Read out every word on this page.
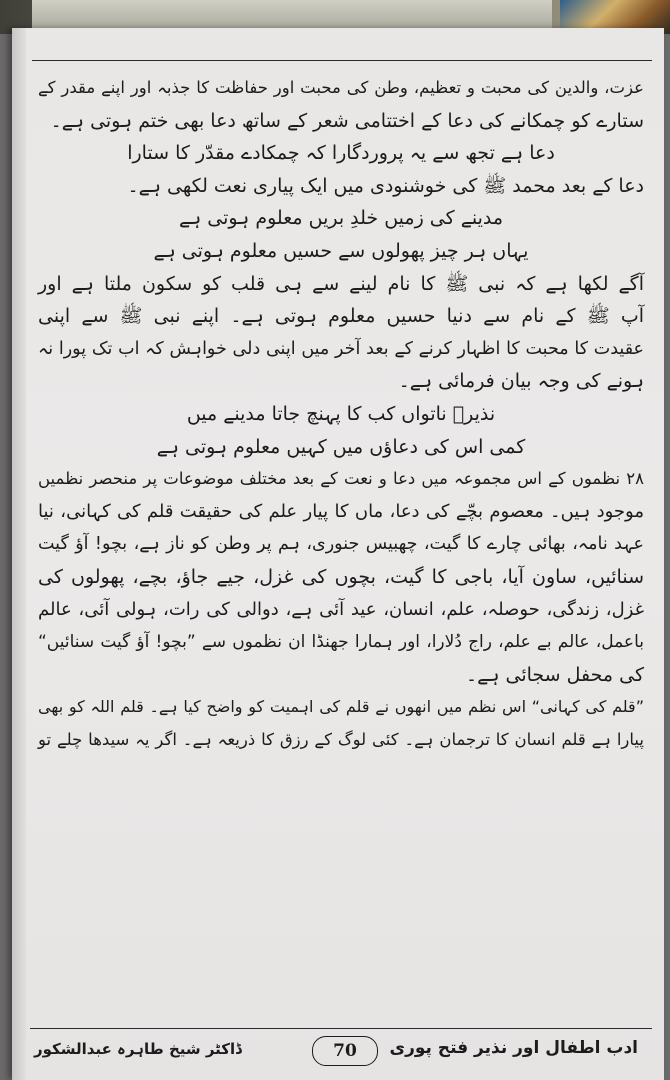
عزت، والدین کی محبت و تعظیم، وطن کی محبت اور حفاظت کا جذبہ اور اپنے مقدر کے
ستارے کو چمکانے کی دعا کے اختتامی شعر کے ساتھ دعا بھی ختم ہوتی ہے۔
دعا ہے تجھ سے یہ پروردگارا کہ چمکادے مقدّر کا ستارا
دعا کے بعد محمد ﷺ کی خوشنودی میں ایک پیاری نعت لکھی ہے۔
مدینے کی زمیں خلدِ بریں معلوم ہوتی ہے
یہاں ہر چیز پھولوں سے حسیں معلوم ہوتی ہے
آگے لکھا ہے کہ نبی ﷺ کا نام لینے سے ہی قلب کو سکون ملتا ہے اور
آپ ﷺ کے نام سے دنیا حسیں معلوم ہوتی ہے۔ اپنے نبی ﷺ سے اپنی
عقیدت کا محبت کا اظہار کرنے کے بعد آخر میں اپنی دلی خواہش کہ اب تک پورا نہ
ہونے کی وجہ بیان فرمائی ہے۔
نذیرؔ ناتواں کب کا پہنچ جاتا مدینے میں
کمی اس کی دعاؤں میں کہیں معلوم ہوتی ہے
۲۸ نظموں کے اس مجموعہ میں دعا و نعت کے بعد مختلف موضوعات پر منحصر نظمیں
موجود ہیں۔ معصوم بچّے کی دعا، ماں کا پیار علم کی حقیقت قلم کی کہانی، نیا
عہد نامہ، بھائی چارے کا گیت، چھبیس جنوری، ہم پر وطن کو ناز ہے، بچو! آؤ گیت
سنائیں، ساون آیا، باجی کا گیت، بچوں کی غزل، جیے جاؤ، بچے، پھولوں کی
غزل، زندگی، حوصلہ، علم، انسان، عید آئی ہے، دوالی کی رات، ہولی آئی، عالم
باعمل، عالم بے علم، راج دُلارا، اور ہمارا جھنڈا ان نظموں سے ”بچو! آؤ گیت سنائیں“
کی محفل سجائی ہے۔
”قلم کی کہانی“ اس نظم میں انھوں نے قلم کی اہمیت کو واضح کیا ہے۔ قلم اللہ کو بھی
پیارا ہے قلم انسان کا ترجمان ہے۔ کئی لوگ کے رزق کا ذریعہ ہے۔ اگر یہ سیدھا چلے تو
ڈاکٹر شیخ طاہرہ عبدالشکور	70	ادب اطفال اور نذیر فتح پوری
